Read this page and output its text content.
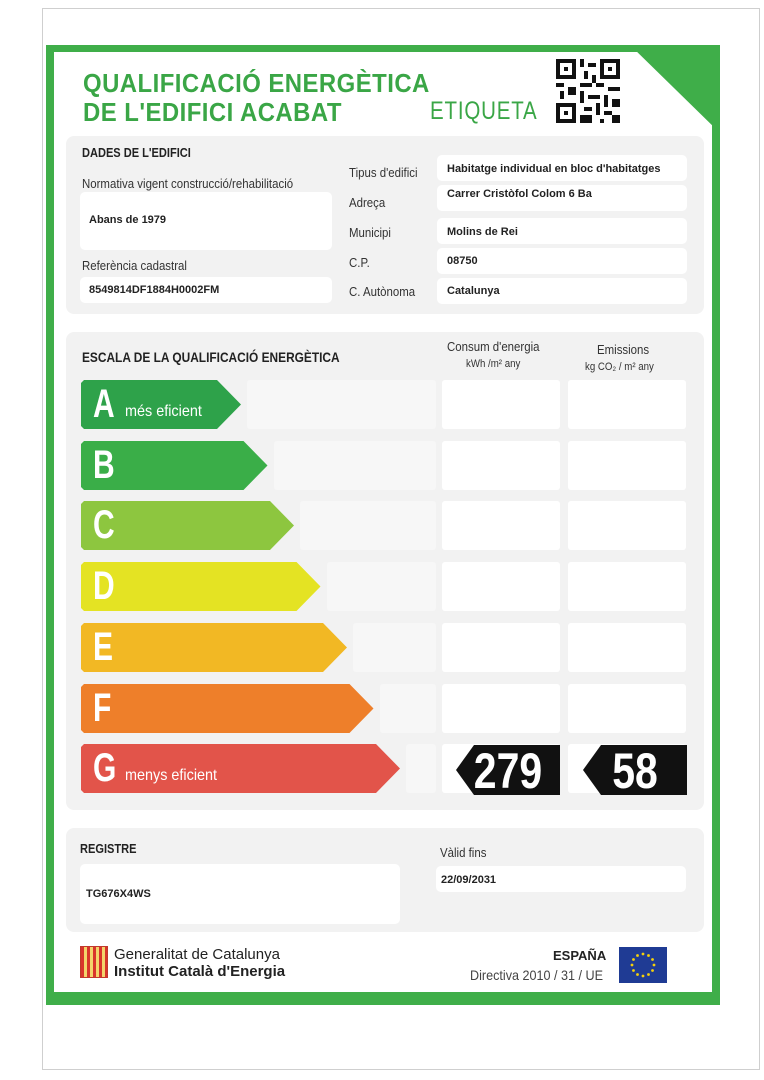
QUALIFICACIÓ ENERGÈTICA
DE L'EDIFICI ACABAT	ETIQUETA
DADES DE L'EDIFICI
Normativa vigent construcció/rehabilitació
Abans de 1979
Referència cadastral
8549814DF1884H0002FM
Tipus d'edifici
Adreça
Municipi
C.P.
C. Autònoma
Habitatge individual en bloc d'habitatges
Carrer Cristòfol Colom 6 Ba
Molins de Rei
08750
Catalunya
ESCALA DE LA QUALIFICACIÓ ENERGÈTICA
Consum d'energia
kWh /m² any
Emissions
kg CO₂ / m² any
A més eficient
B
C
D
E
F
G menys eficient
REGISTRE
TG676X4WS
Vàlid fins
22/09/2031
Generalitat de Catalunya
Institut Català d'Energia
ESPAÑA
Directiva 2010 / 31 / UE
279	58
